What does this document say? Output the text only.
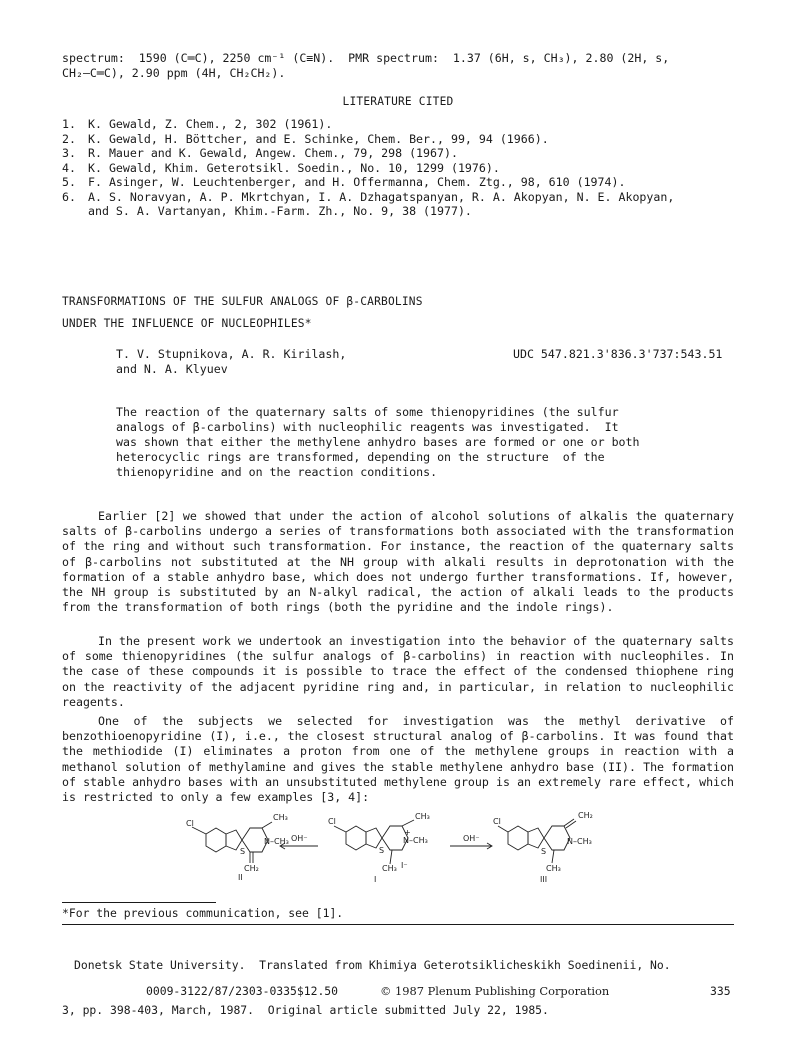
spectrum:  1590 (C═C), 2250 cm⁻¹ (C≡N).  PMR spectrum:  1.37 (6H, s, CH₃), 2.80 (2H, s,
CH₂—C═C), 2.90 ppm (4H, CH₂CH₂).
LITERATURE CITED
1. K. Gewald, Z. Chem., 2, 302 (1961).
2. K. Gewald, H. Böttcher, and E. Schinke, Chem. Ber., 99, 94 (1966).
3. R. Mauer and K. Gewald, Angew. Chem., 79, 298 (1967).
4. K. Gewald, Khim. Geterotsikl. Soedin., No. 10, 1299 (1976).
5. F. Asinger, W. Leuchtenberger, and H. Offermanna, Chem. Ztg., 98, 610 (1974).
6. A. S. Noravyan, A. P. Mkrtchyan, I. A. Dzhagatspanyan, R. A. Akopyan, N. E. Akopyan,
and S. A. Vartanyan, Khim.-Farm. Zh., No. 9, 38 (1977).
TRANSFORMATIONS OF THE SULFUR ANALOGS OF β-CARBOLINS
UNDER THE INFLUENCE OF NUCLEOPHILES*
T. V. Stupnikova, A. R. Kirilash,
and N. A. Klyuev
UDC 547.821.3'836.3'737:543.51
The reaction of the quaternary salts of some thienopyridines (the sulfur
analogs of β-carbolins) with nucleophilic reagents was investigated.  It
was shown that either the methylene anhydro bases are formed or one or both
heterocyclic rings are transformed, depending on the structure  of the
thienopyridine and on the reaction conditions.
Earlier [2] we showed that under the action of alcohol solutions of alkalis the quaternary salts of β-carbolins undergo a series of transformations both associated with the transformation of the ring and without such transformation. For instance, the reaction of the quaternary salts of β-carbolins not substituted at the NH group with alkali results in deprotonation with the formation of a stable anhydro base, which does not undergo further transformations. If, however, the NH group is substituted by an N-alkyl radical, the action of alkali leads to the products from the transformation of both rings (both the pyridine and the indole rings).
In the present work we undertook an investigation into the behavior of the quaternary salts of some thienopyridines (the sulfur analogs of β-carbolins) in reaction with nucleophiles. In the case of these compounds it is possible to trace the effect of the condensed thiophene ring on the reactivity of the adjacent pyridine ring and, in particular, in relation to nucleophilic reagents.
One of the subjects we selected for investigation was the methyl derivative of benzothioenopyridine (I), i.e., the closest structural analog of β-carbolins. It was found that the methiodide (I) eliminates a proton from one of the methylene groups in reaction with a methanol solution of methylamine and gives the stable methylene anhydro base (II). The formation of stable anhydro bases with an unsubstituted methylene group is an extremely rare effect, which is restricted to only a few examples [3, 4]:
Cl
CH₃
N–CH₃
S
CH₂
II
OH⁻
Cl
CH₃
N–CH₃
+
S
CH₃ I⁻
I
OH⁻
Cl
CH₂
N–CH₃
S
CH₃
III
*For the previous communication, see [1].

Donetsk State University.  Translated from Khimiya Geterotsiklicheskikh Soedinenii, No.

3, pp. 398-403, March, 1987.  Original article submitted July 22, 1985.

0009-3122/87/2303-0335$12.50	© 1987 Plenum Publishing Corporation	335
